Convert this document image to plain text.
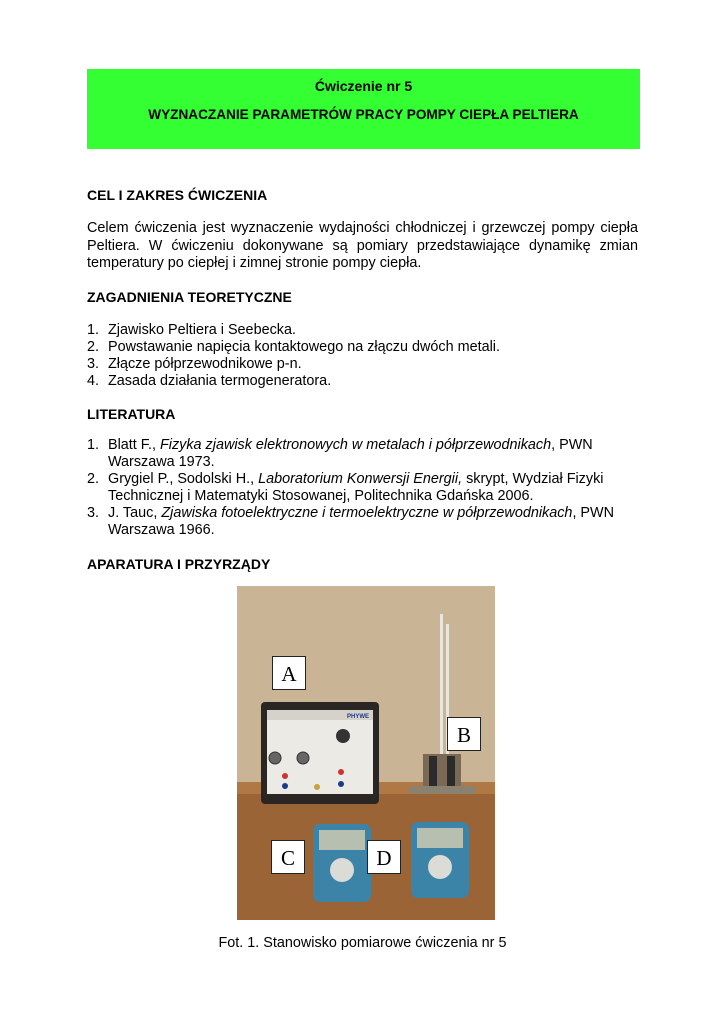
Ćwiczenie nr 5
WYZNACZANIE PARAMETRÓW PRACY POMPY CIEPŁA PELTIERA
CEL I ZAKRES ĆWICZENIA
Celem ćwiczenia jest wyznaczenie wydajności chłodniczej i grzewczej pompy ciepła Peltiera. W ćwiczeniu dokonywane są pomiary przedstawiające dynamikę zmian temperatury po ciepłej i zimnej stronie pompy ciepła.
ZAGADNIENIA TEORETYCZNE
1. Zjawisko Peltiera i Seebecka.
2. Powstawanie napięcia kontaktowego na złączu dwóch metali.
3. Złącze półprzewodnikowe p-n.
4. Zasada działania termogeneratora.
LITERATURA
1. Blatt F., Fizyka zjawisk elektronowych w metalach i półprzewodnikach, PWN Warszawa 1973.
2. Grygiel P., Sodolski H., Laboratorium Konwersji Energii, skrypt, Wydział Fizyki Technicznej i Matematyki Stosowanej, Politechnika Gdańska 2006.
3. J. Tauc, Zjawiska fotoelektryczne i termoelektryczne w półprzewodnikach, PWN Warszawa 1966.
APARATURA I PRZYRZĄDY
PHYWE
A
B
C	D
Fot. 1. Stanowisko pomiarowe ćwiczenia nr 5
